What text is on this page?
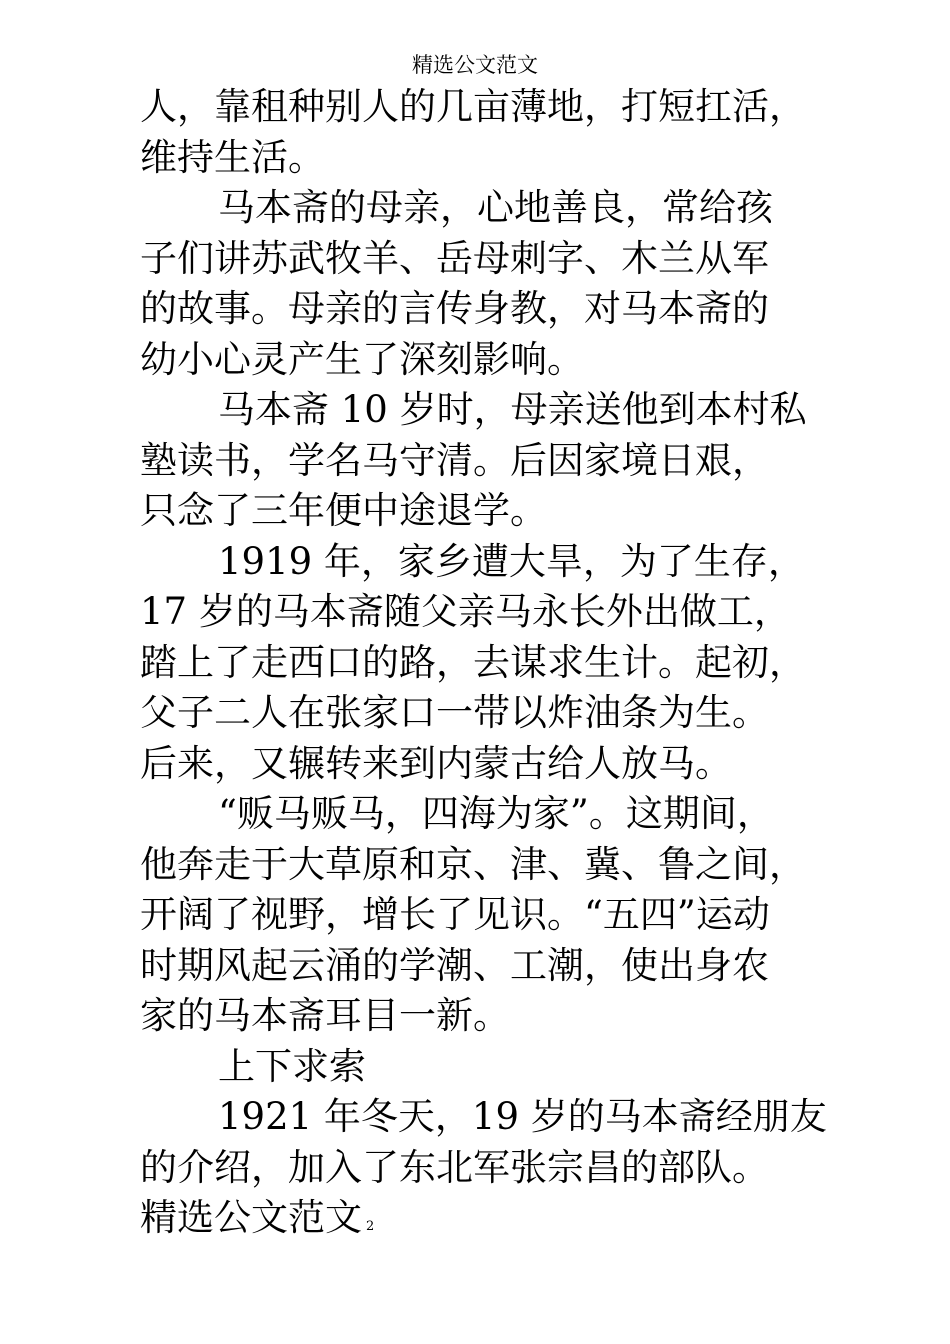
精选公文范文
人，靠租种别人的几亩薄地，打短扛活，
维持生活。
马本斋的母亲，心地善良，常给孩
子们讲苏武牧羊、岳母刺字、木兰从军
的故事。母亲的言传身教，对马本斋的
幼小心灵产生了深刻影响。
马本斋 10 岁时，母亲送他到本村私
塾读书，学名马守清。后因家境日艰，
只念了三年便中途退学。
1919 年，家乡遭大旱，为了生存，
17 岁的马本斋随父亲马永长外出做工，
踏上了走西口的路，去谋求生计。起初，
父子二人在张家口一带以炸油条为生。
后来，又辗转来到内蒙古给人放马。
“贩马贩马，四海为家”。这期间，
他奔走于大草原和京、津、冀、鲁之间，
开阔了视野，增长了见识。“五四”运动
时期风起云涌的学潮、工潮，使出身农
家的马本斋耳目一新。
上下求索
1921 年冬天，19 岁的马本斋经朋友
的介绍，加入了东北军张宗昌的部队。
精选公文范文 2
